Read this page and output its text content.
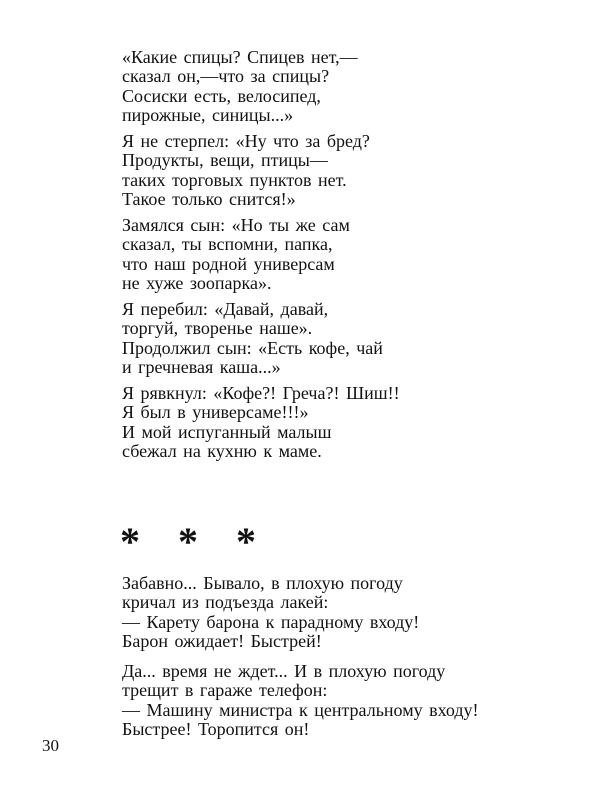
«Какие спицы? Спицев нет,—
сказал он,—что за спицы?
Сосиски есть, велосипед,
пирожные, синицы...»
Я не стерпел: «Ну что за бред?
Продукты, вещи, птицы—
таких торговых пунктов нет.
Такое только снится!»
Замялся сын: «Но ты же сам
сказал, ты вспомни, папка,
что наш родной универсам
не хуже зоопарка».
Я перебил: «Давай, давай,
торгуй, творенье наше».
Продолжил сын: «Есть кофе, чай
и гречневая каша...»
Я рявкнул: «Кофе?! Греча?! Шиш!!
Я был в универсаме!!!»
И мой испуганный малыш
сбежал на кухню к маме.
* * *
Забавно... Бывало, в плохую погоду
кричал из подъезда лакей:
— Карету барона к парадному входу!
Барон ожидает! Быстрей!
Да... время не ждет... И в плохую погоду
трещит в гараже телефон:
— Машину министра к центральному входу!
Быстрее! Торопится он!
30
